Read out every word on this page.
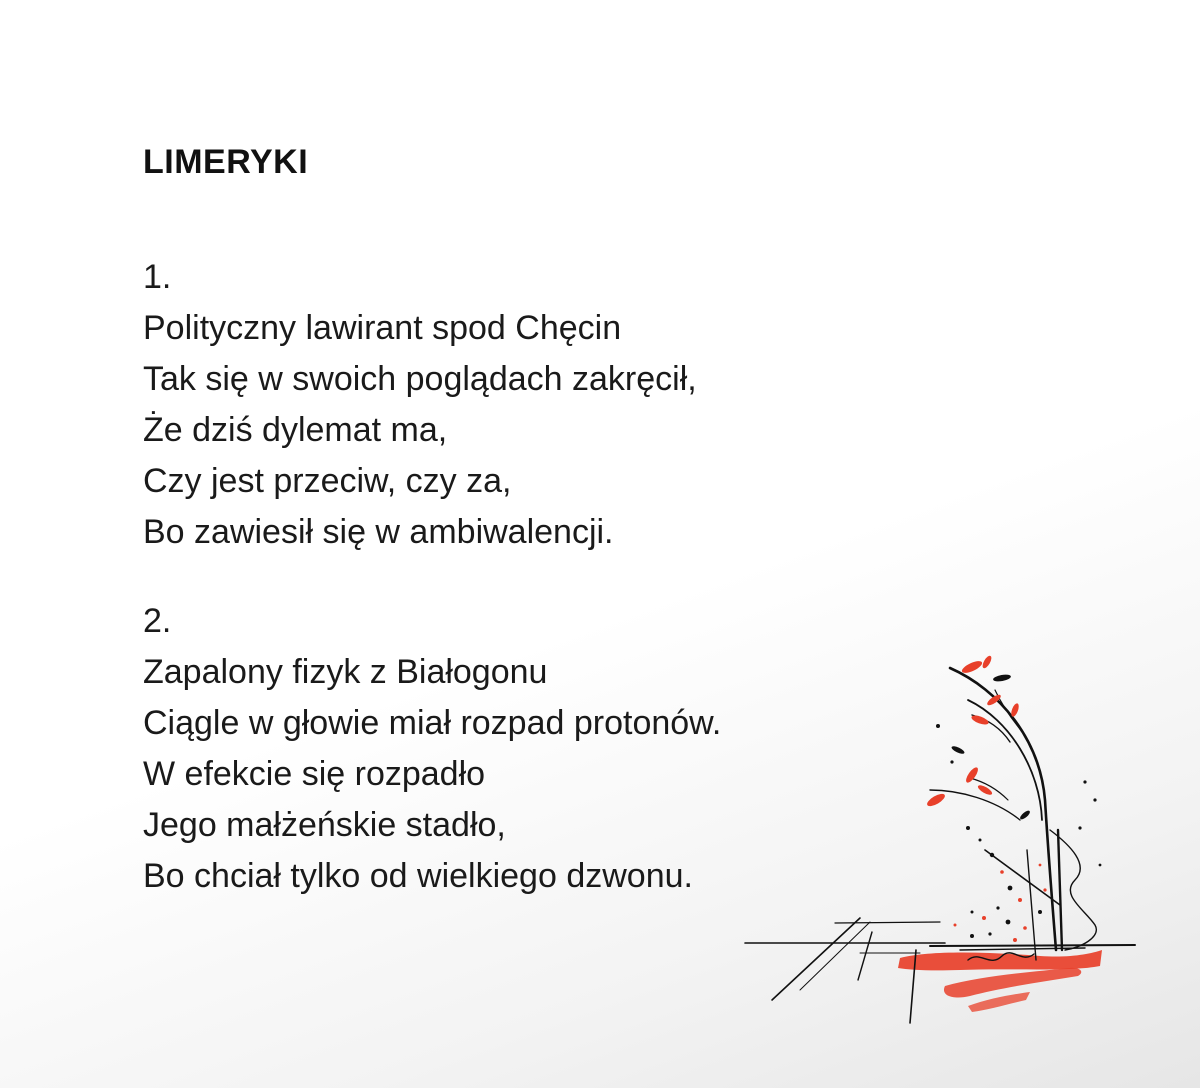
LIMERYKI
1.
Polityczny lawirant spod Chęcin
Tak się w swoich poglądach zakręcił,
Że dziś dylemat ma,
Czy jest przeciw, czy za,
Bo zawiesił się w ambiwalencji.
2.
Zapalony fizyk z Białogonu
Ciągle w głowie miał rozpad protonów.
W efekcie się rozpadło
Jego małżeńskie stadło,
Bo chciał tylko od wielkiego dzwonu.
